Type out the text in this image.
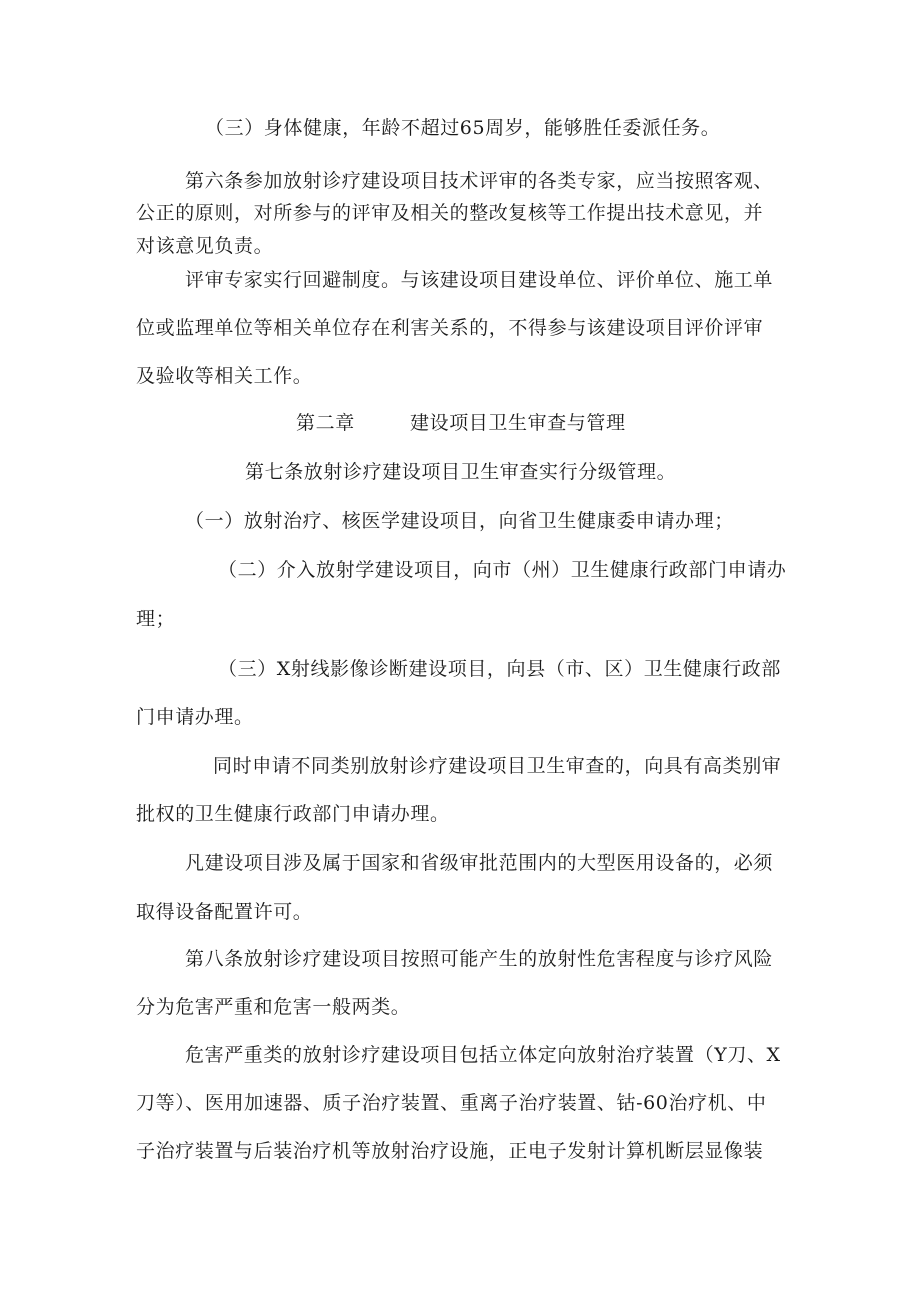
（三）身体健康，年龄不超过65周岁，能够胜任委派任务。

第六条参加放射诊疗建设项目技术评审的各类专家，应当按照客观、

公正的原则，对所参与的评审及相关的整改复核等工作提出技术意见，并

对该意见负责。

评审专家实行回避制度。与该建设项目建设单位、评价单位、施工单

位或监理单位等相关单位存在利害关系的，不得参与该建设项目评价评审

及验收等相关工作。

第二章	建设项目卫生审查与管理

第七条放射诊疗建设项目卫生审查实行分级管理。

（一）放射治疗、核医学建设项目，向省卫生健康委申请办理；

（二）介入放射学建设项目，向市（州）卫生健康行政部门申请办

理；

（三）X射线影像诊断建设项目，向县（市、区）卫生健康行政部

门申请办理。

同时申请不同类别放射诊疗建设项目卫生审查的，向具有高类别审

批权的卫生健康行政部门申请办理。

凡建设项目涉及属于国家和省级审批范围内的大型医用设备的，必须

取得设备配置许可。

第八条放射诊疗建设项目按照可能产生的放射性危害程度与诊疗风险

分为危害严重和危害一般两类。

危害严重类的放射诊疗建设项目包括立体定向放射治疗装置（Y刀、X

刀等）、医用加速器、质子治疗装置、重离子治疗装置、钴-60治疗机、中

子治疗装置与后装治疗机等放射治疗设施，正电子发射计算机断层显像装
